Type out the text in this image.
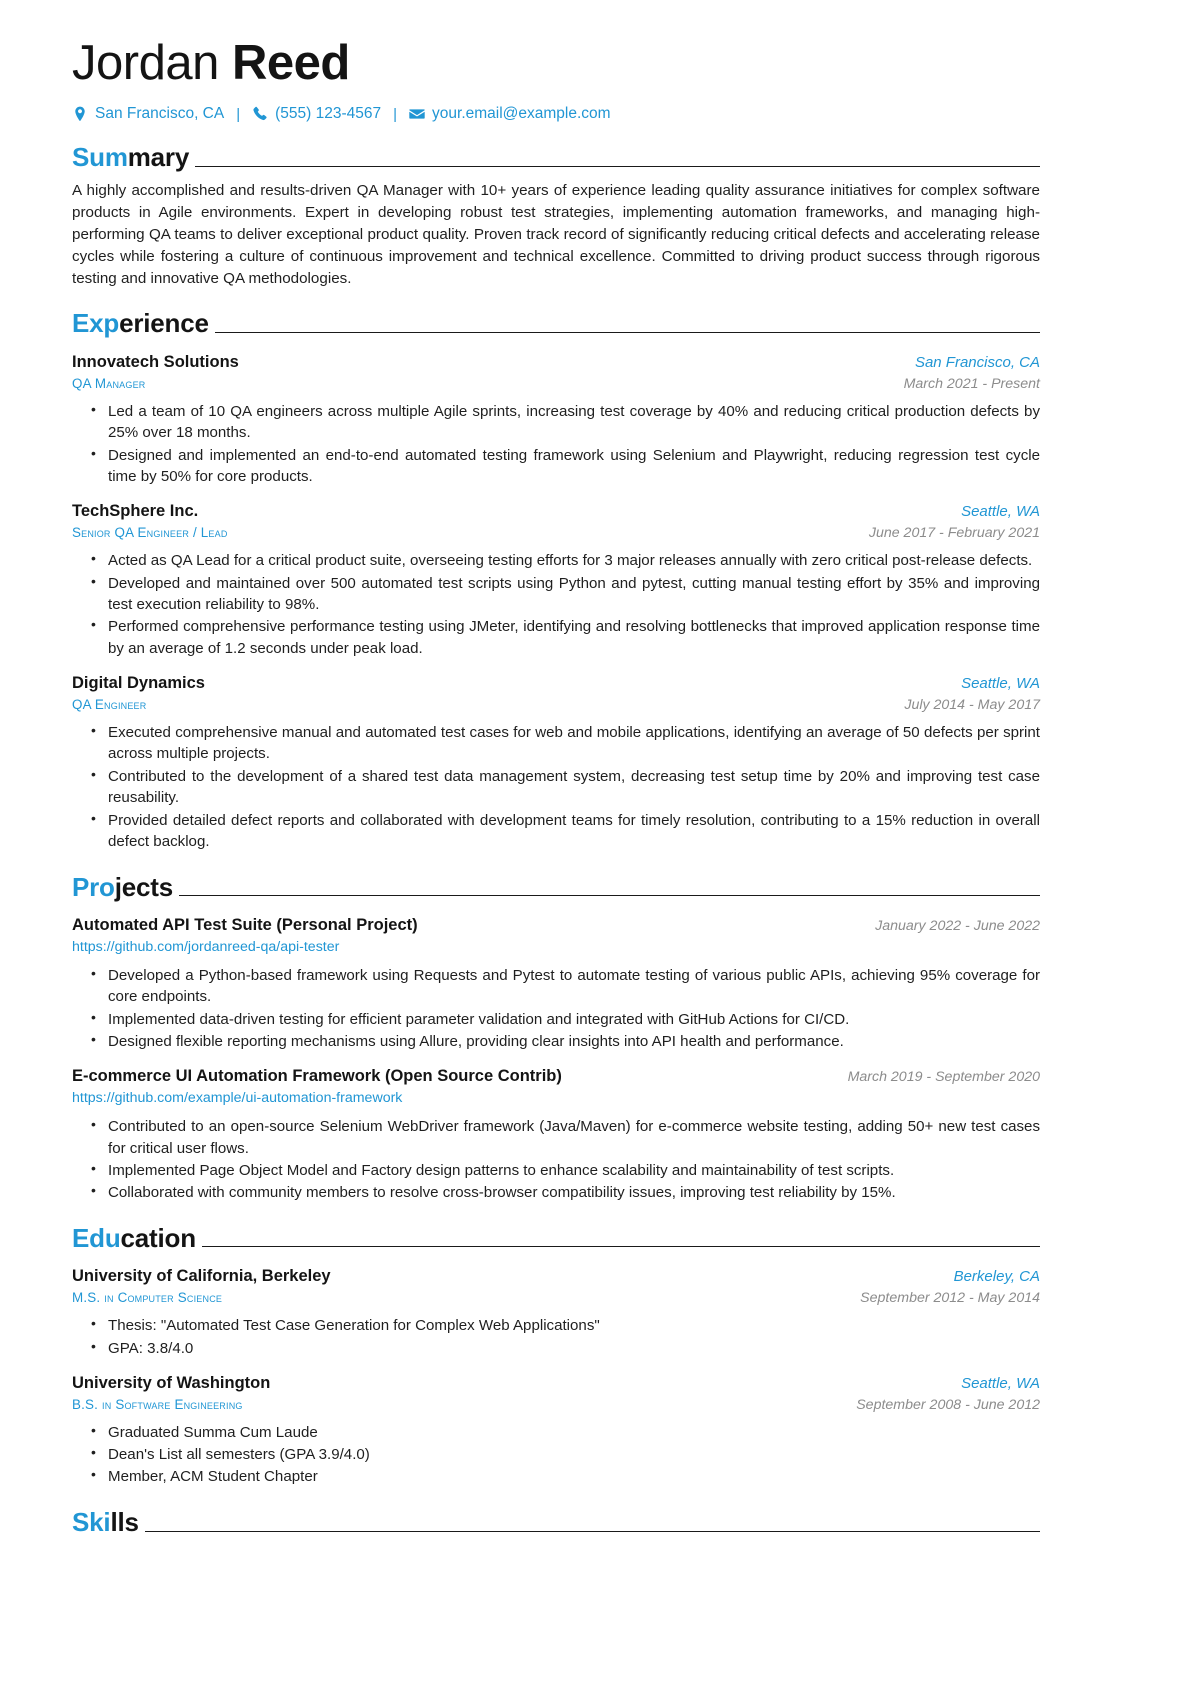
Jordan Reed
San Francisco, CA |	(555) 123-4567 |	your.email@example.com
Summary

A highly accomplished and results-driven QA Manager with 10+ years of experience leading quality assurance initiatives for complex software products in Agile environments. Expert in developing robust test strategies, implementing automation frameworks, and managing high-performing QA teams to deliver exceptional product quality. Proven track record of significantly reducing critical defects and accelerating release cycles while fostering a culture of continuous improvement and technical excellence. Committed to driving product success through rigorous testing and innovative QA methodologies.

Experience
Innovatech Solutions	San Francisco, CA
QA Manager	March 2021 - Present
• Led a team of 10 QA engineers across multiple Agile sprints, increasing test coverage by 40% and reducing critical production defects by 25% over 18 months.
• Designed and implemented an end-to-end automated testing framework using Selenium and Playwright, reducing regression test cycle time by 50% for core products.
TechSphere Inc.	Seattle, WA
Senior QA Engineer / Lead	June 2017 - February 2021
• Acted as QA Lead for a critical product suite, overseeing testing efforts for 3 major releases annually with zero critical post-release defects.
• Developed and maintained over 500 automated test scripts using Python and pytest, cutting manual testing effort by 35% and improving test execution reliability to 98%.
• Performed comprehensive performance testing using JMeter, identifying and resolving bottlenecks that improved application response time by an average of 1.2 seconds under peak load.
Digital Dynamics	Seattle, WA
QA Engineer	July 2014 - May 2017
• Executed comprehensive manual and automated test cases for web and mobile applications, identifying an average of 50 defects per sprint across multiple projects.
• Contributed to the development of a shared test data management system, decreasing test setup time by 20% and improving test case reusability.
• Provided detailed defect reports and collaborated with development teams for timely resolution, contributing to a 15% reduction in overall defect backlog.
Projects
Automated API Test Suite (Personal Project)	January 2022 - June 2022
https://github.com/jordanreed-qa/api-tester
• Developed a Python-based framework using Requests and Pytest to automate testing of various public APIs, achieving 95% coverage for core endpoints.
• Implemented data-driven testing for efficient parameter validation and integrated with GitHub Actions for CI/CD.
• Designed flexible reporting mechanisms using Allure, providing clear insights into API health and performance.
E-commerce UI Automation Framework (Open Source Contrib)	March 2019 - September 2020
https://github.com/example/ui-automation-framework
• Contributed to an open-source Selenium WebDriver framework (Java/Maven) for e-commerce website testing, adding 50+ new test cases for critical user flows.
• Implemented Page Object Model and Factory design patterns to enhance scalability and maintainability of test scripts.
• Collaborated with community members to resolve cross-browser compatibility issues, improving test reliability by 15%.
Education
University of California, Berkeley	Berkeley, CA
M.S. in Computer Science	September 2012 - May 2014
• Thesis: "Automated Test Case Generation for Complex Web Applications"
• GPA: 3.8/4.0
University of Washington	Seattle, WA
B.S. in Software Engineering	September 2008 - June 2012
• Graduated Summa Cum Laude
• Dean's List all semesters (GPA 3.9/4.0)
• Member, ACM Student Chapter
Skills
